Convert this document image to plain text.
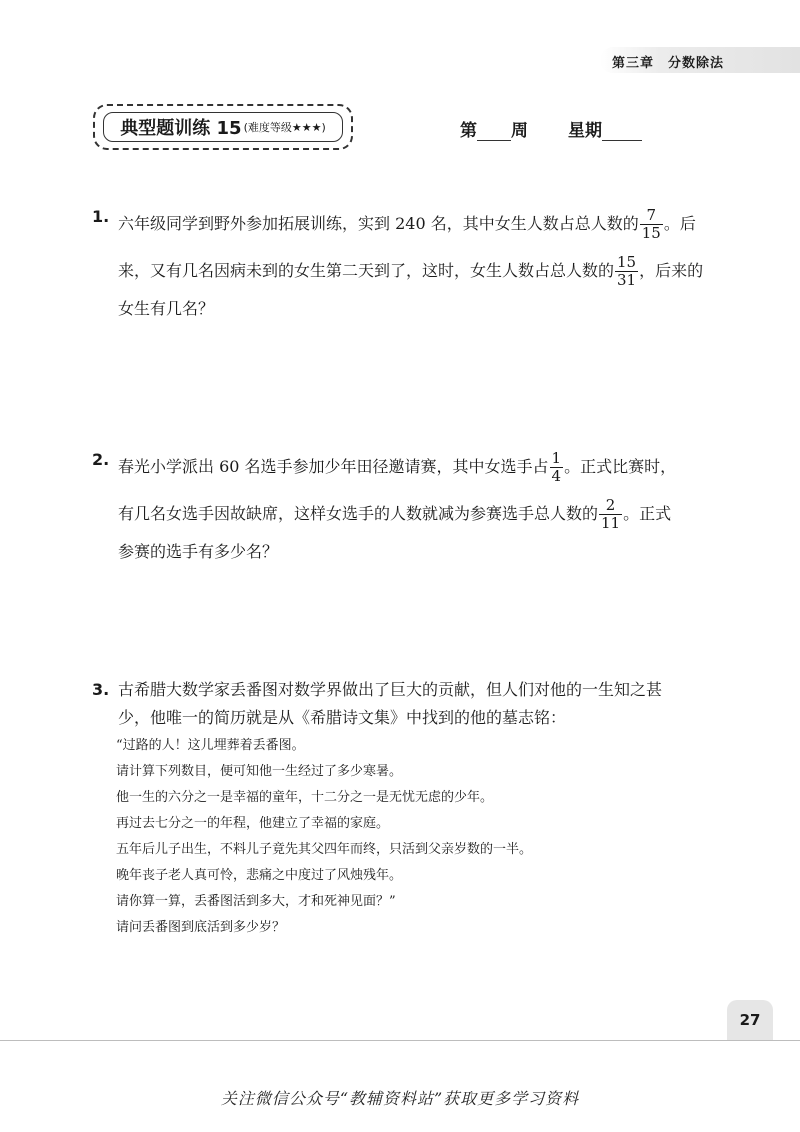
第三章　分数除法
典型题训练 15 (难度等级★★★)	第 周 星期
1. 六年级同学到野外参加拓展训练，实到 240 名，其中女生人数占总人数的 $\frac{7}{15}$ 。后
来，又有几名因病未到的女生第二天到了，这时，女生人数占总人数的 $\frac{15}{31}$ ，后来的
女生有几名？
2. 春光小学派出 60 名选手参加少年田径邀请赛，其中女选手占 $\frac{1}{4}$ 。正式比赛时，
有几名女选手因故缺席，这样女选手的人数就减为参赛选手总人数的 $\frac{2}{11}$ 。正式
参赛的选手有多少名？
3. 古希腊大数学家丢番图对数学界做出了巨大的贡献，但人们对他的一生知之甚
少，他唯一的简历就是从《希腊诗文集》中找到的他的墓志铭：
“过路的人！这儿埋葬着丢番图。
请计算下列数目，便可知他一生经过了多少寒暑。
他一生的六分之一是幸福的童年，十二分之一是无忧无虑的少年。
再过去七分之一的年程，他建立了幸福的家庭。
五年后儿子出生，不料儿子竟先其父四年而终，只活到父亲岁数的一半。
晚年丧子老人真可怜，悲痛之中度过了风烛残年。
请你算一算，丢番图活到多大，才和死神见面？”
请问丢番图到底活到多少岁？
27
关注微信公众号“教辅资料站”获取更多学习资料
